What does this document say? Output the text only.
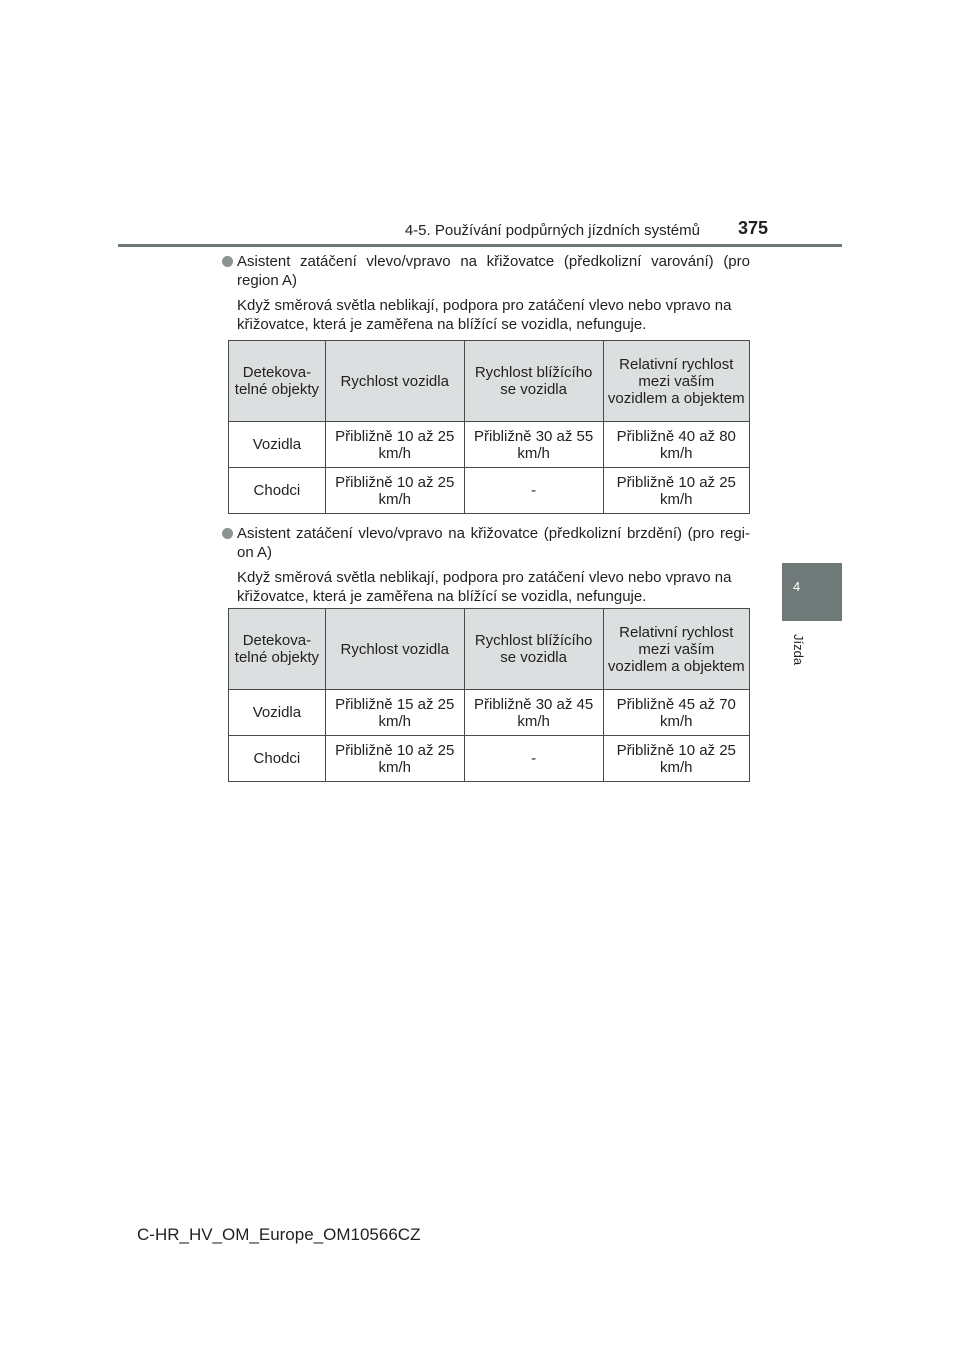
4-5. Používání podpůrných jízdních systémů 375
4
Jízda
Asistent zatáčení vlevo/vpravo na křižovatce (předkolizní varování) (pro region A)
Když směrová světla neblikají, podpora pro zatáčení vlevo nebo vpravo na křižovatce, která je zaměřena na blížící se vozidla, nefunguje.
Detekova-telné objekty	Rychlost vozidla	Rychlost blížícího se vozidla	Relativní rychlost mezi vaším vozidlem a objektem
Vozidla	Přibližně 10 až 25 km/h	Přibližně 30 až 55 km/h	Přibližně 40 až 80 km/h
Chodci	Přibližně 10 až 25 km/h	-	Přibližně 10 až 25 km/h
Asistent zatáčení vlevo/vpravo na křižovatce (předkolizní brzdění) (pro regi-on A)
Když směrová světla neblikají, podpora pro zatáčení vlevo nebo vpravo na křižovatce, která je zaměřena na blížící se vozidla, nefunguje.
Detekova-telné objekty	Rychlost vozidla	Rychlost blížícího se vozidla	Relativní rychlost mezi vaším vozidlem a objektem
Vozidla	Přibližně 15 až 25 km/h	Přibližně 30 až 45 km/h	Přibližně 45 až 70 km/h
Chodci	Přibližně 10 až 25 km/h	-	Přibližně 10 až 25 km/h
C-HR_HV_OM_Europe_OM10566CZ
